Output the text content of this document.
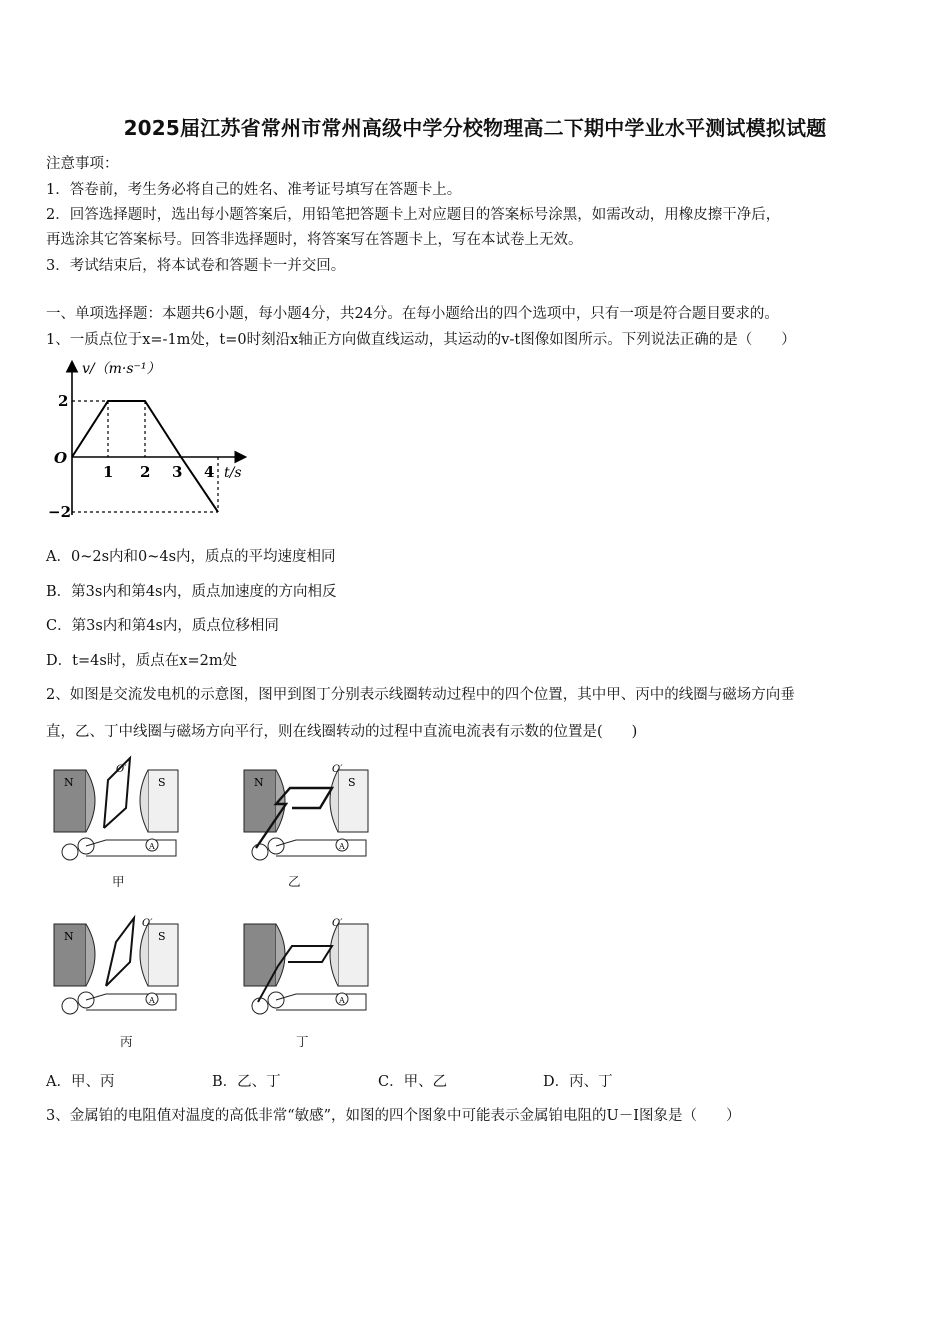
2025届江苏省常州市常州高级中学分校物理高二下期中学业水平测试模拟试题
注意事项：
1．答卷前，考生务必将自己的姓名、准考证号填写在答题卡上。
2．回答选择题时，选出每小题答案后，用铅笔把答题卡上对应题目的答案标号涂黑，如需改动，用橡皮擦干净后，
再选涂其它答案标号。回答非选择题时，将答案写在答题卡上，写在本试卷上无效。
3．考试结束后，将本试卷和答题卡一并交回。
一、单项选择题：本题共6小题，每小题4分，共24分。在每小题给出的四个选项中，只有一项是符合题目要求的。
1、一质点位于x=-1m处，t=0时刻沿x轴正方向做直线运动，其运动的v-t图像如图所示。下列说法正确的是（　　）
v/（m·s⁻¹）
t/s
O
2
−2
1 2 3 4
A．0~2s内和0~4s内，质点的平均速度相同
B．第3s内和第4s内，质点加速度的方向相反
C．第3s内和第4s内，质点位移相同
D．t=4s时，质点在x=2m处
2、如图是交流发电机的示意图，图甲到图丁分别表示线圈转动过程中的四个位置，其中甲、丙中的线圈与磁场方向垂
直，乙、丁中线圈与磁场方向平行，则在线圈转动的过程中直流电流表有示数的位置是(　　)
N	S
A
O′
甲
N	S
A
O′
乙
N	S
A
O′
丙
A
O′
丁
A．甲、丙	B．乙、丁	C．甲、乙	D．丙、丁
3、金属铂的电阻值对温度的高低非常“敏感”，如图的四个图象中可能表示金属铂电阻的U－I图象是（　　）
